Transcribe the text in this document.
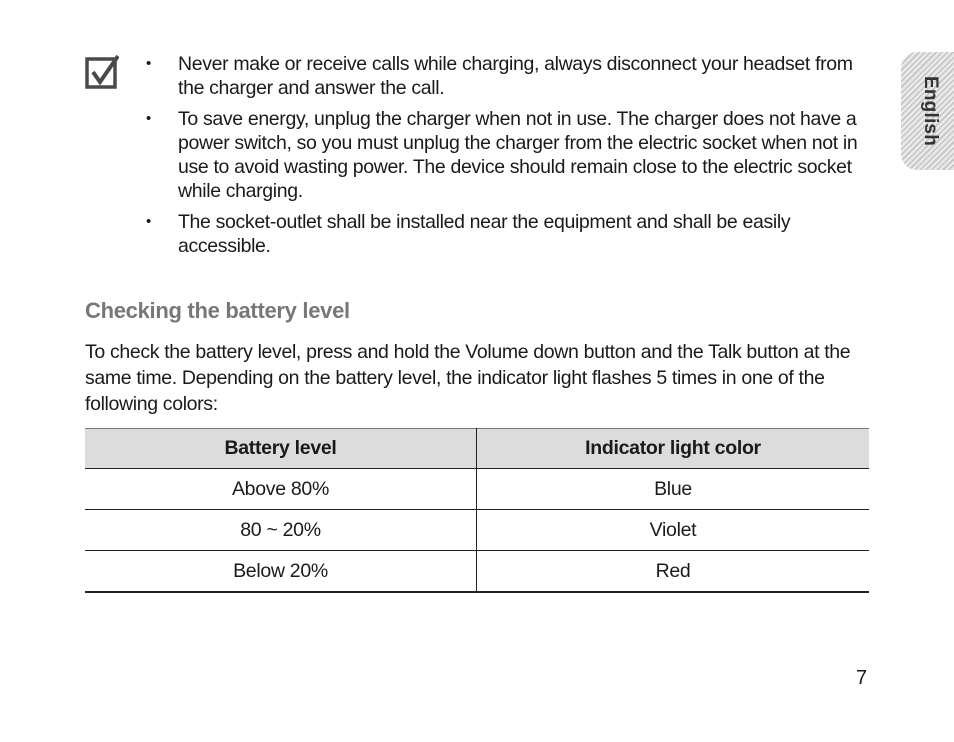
• Never make or receive calls while charging, always disconnect your headset from the charger and answer the call.
• To save energy, unplug the charger when not in use. The charger does not have a power switch, so you must unplug the charger from the electric socket when not in use to avoid wasting power. The device should remain close to the electric socket while charging.
• The socket-outlet shall be installed near the equipment and shall be easily accessible.
Checking the battery level

To check the battery level, press and hold the Volume down button and the Talk button at the same time. Depending on the battery level, the indicator light flashes 5 times in one of the following colors:

Battery level	Indicator light color
Above 80%	Blue
80 ~ 20%	Violet
Below 20%	Red
English
7
